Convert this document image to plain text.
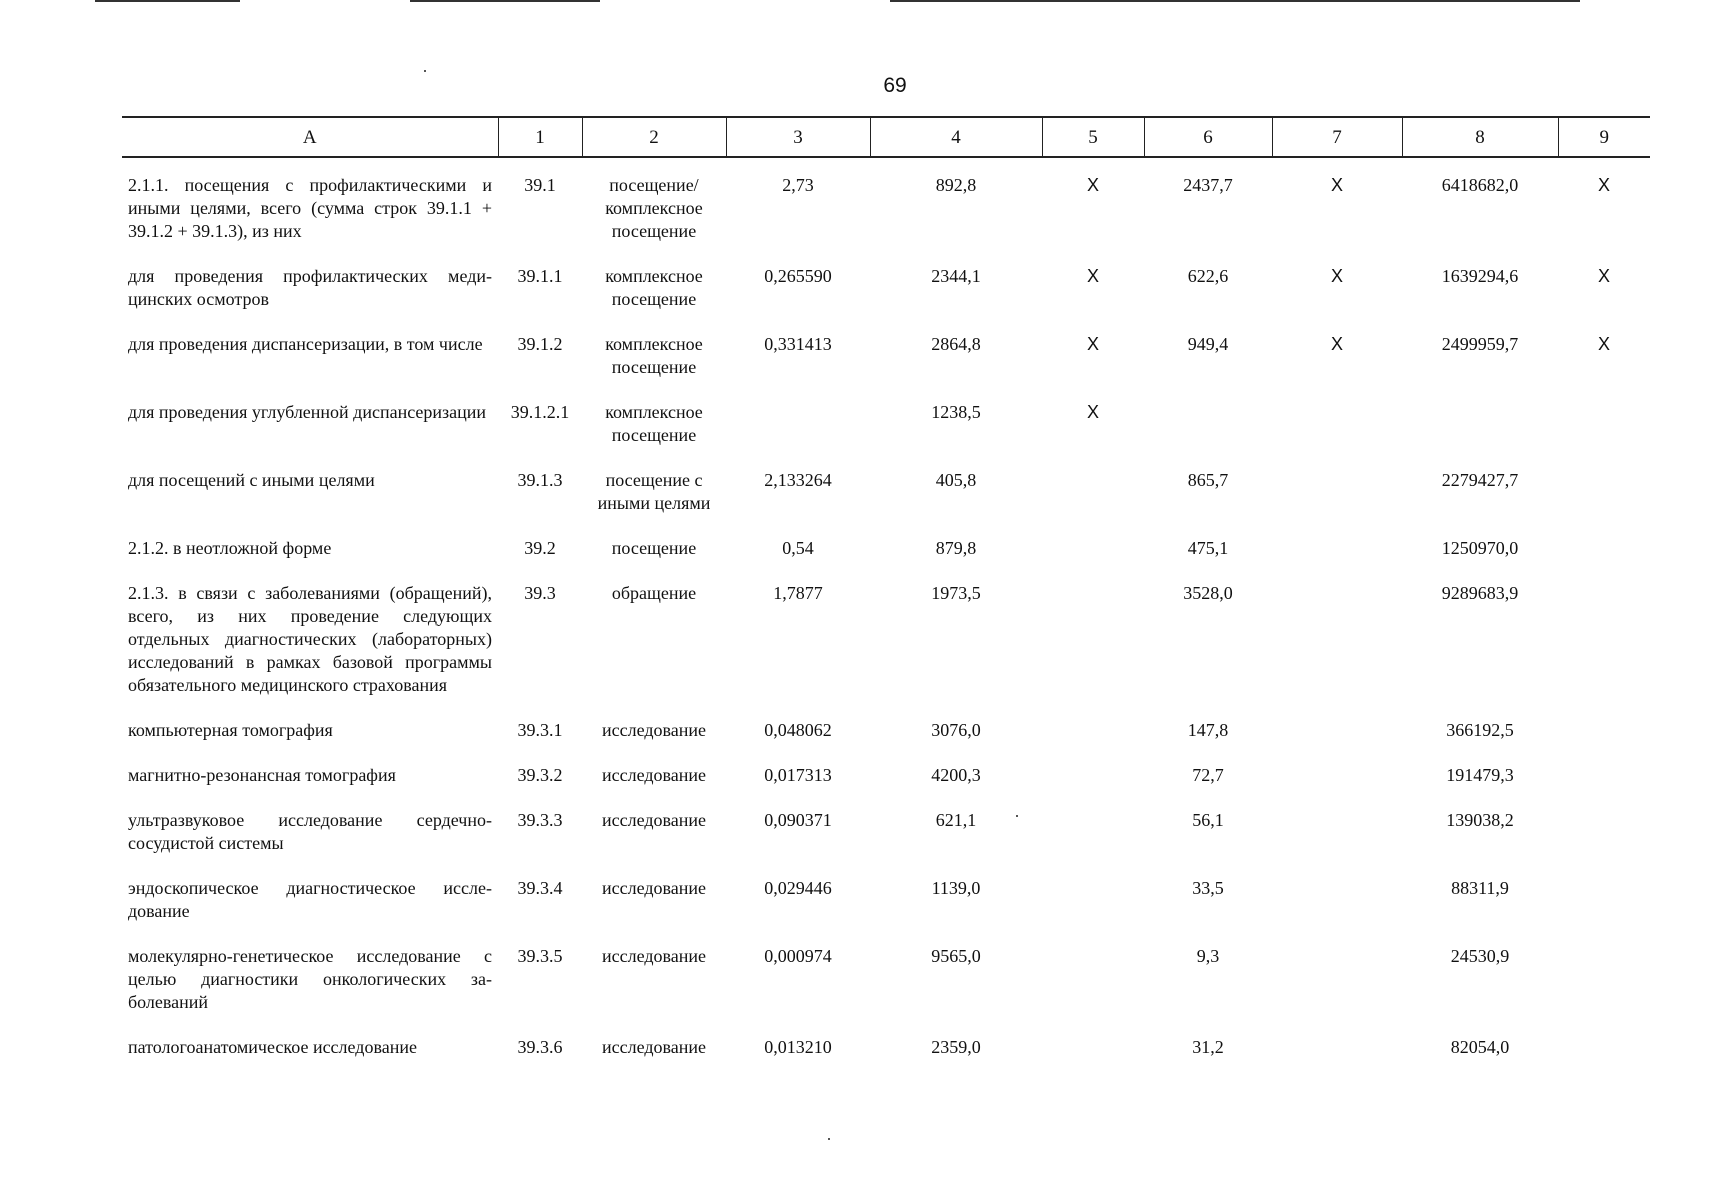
69
A	1	2	3	4	5	6	7	8	9

2.1.1. посещения с профилактическими и иными целями, всего (сумма строк 39.1.1 + 39.1.2 + 39.1.3), из них	39.1	посещение/ комплексное посещение	2,73	892,8	Х	2437,7	Х	6418682,0	Х
для проведения профилактических медицинских осмотров	39.1.1	комплексное посещение	0,265590	2344,1	Х	622,6	Х	1639294,6	Х
для проведения диспансеризации, в том числе	39.1.2	комплексное посещение	0,331413	2864,8	Х	949,4	Х	2499959,7	Х
для проведения углубленной диспансеризации	39.1.2.1	комплексное посещение		1238,5	Х				
для посещений с иными целями	39.1.3	посещение с иными целями	2,133264	405,8		865,7		2279427,7	
2.1.2. в неотложной форме	39.2	посещение	0,54	879,8		475,1		1250970,0	
2.1.3. в связи с заболеваниями (обращений), всего, из них проведение следующих отдельных диагностических (лабораторных) исследований в рамках базовой программы обязательного медицинского страхования	39.3	обращение	1,7877	1973,5		3528,0		9289683,9	
компьютерная томография	39.3.1	исследование	0,048062	3076,0		147,8		366192,5	
магнитно-резонансная томография	39.3.2	исследование	0,017313	4200,3		72,7		191479,3	
ультразвуковое исследование сердечно-сосудистой системы	39.3.3	исследование	0,090371	621,1		56,1		139038,2	
эндоскопическое диагностическое исследование	39.3.4	исследование	0,029446	1139,0		33,5		88311,9	
молекулярно-генетическое исследование с целью диагностики онкологических заболеваний	39.3.5	исследование	0,000974	9565,0		9,3		24530,9	
патологоанатомическое исследование	39.3.6	исследование	0,013210	2359,0		31,2		82054,0	
